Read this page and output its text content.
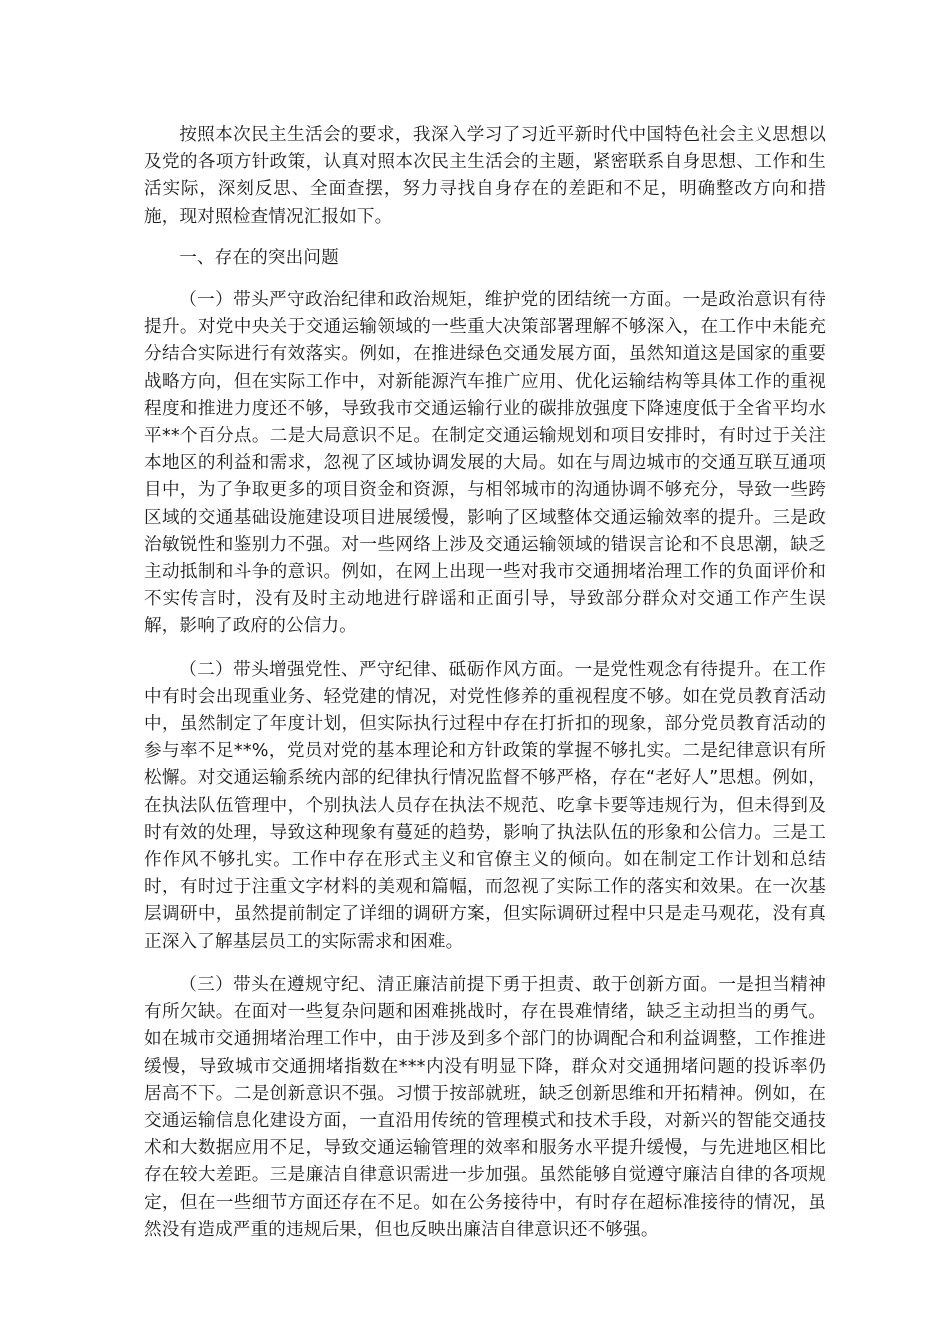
按照本次民主生活会的要求，我深入学习了习近平新时代中国特色社会主义思想以及党的各项方针政策，认真对照本次民主生活会的主题，紧密联系自身思想、工作和生活实际，深刻反思、全面查摆，努力寻找自身存在的差距和不足，明确整改方向和措施，现对照检查情况汇报如下。

一、存在的突出问题

（一）带头严守政治纪律和政治规矩，维护党的团结统一方面。一是政治意识有待提升。对党中央关于交通运输领域的一些重大决策部署理解不够深入，在工作中未能充分结合实际进行有效落实。例如，在推进绿色交通发展方面，虽然知道这是国家的重要战略方向，但在实际工作中，对新能源汽车推广应用、优化运输结构等具体工作的重视程度和推进力度还不够，导致我市交通运输行业的碳排放强度下降速度低于全省平均水平**个百分点。二是大局意识不足。在制定交通运输规划和项目安排时，有时过于关注本地区的利益和需求，忽视了区域协调发展的大局。如在与周边城市的交通互联互通项目中，为了争取更多的项目资金和资源，与相邻城市的沟通协调不够充分，导致一些跨区域的交通基础设施建设项目进展缓慢，影响了区域整体交通运输效率的提升。三是政治敏锐性和鉴别力不强。对一些网络上涉及交通运输领域的错误言论和不良思潮，缺乏主动抵制和斗争的意识。例如，在网上出现一些对我市交通拥堵治理工作的负面评价和不实传言时，没有及时主动地进行辟谣和正面引导，导致部分群众对交通工作产生误解，影响了政府的公信力。

（二）带头增强党性、严守纪律、砥砺作风方面。一是党性观念有待提升。在工作中有时会出现重业务、轻党建的情况，对党性修养的重视程度不够。如在党员教育活动中，虽然制定了年度计划，但实际执行过程中存在打折扣的现象，部分党员教育活动的参与率不足**%，党员对党的基本理论和方针政策的掌握不够扎实。二是纪律意识有所松懈。对交通运输系统内部的纪律执行情况监督不够严格，存在“老好人”思想。例如，在执法队伍管理中，个别执法人员存在执法不规范、吃拿卡要等违规行为，但未得到及时有效的处理，导致这种现象有蔓延的趋势，影响了执法队伍的形象和公信力。三是工作作风不够扎实。工作中存在形式主义和官僚主义的倾向。如在制定工作计划和总结时，有时过于注重文字材料的美观和篇幅，而忽视了实际工作的落实和效果。在一次基层调研中，虽然提前制定了详细的调研方案，但实际调研过程中只是走马观花，没有真正深入了解基层员工的实际需求和困难。

（三）带头在遵规守纪、清正廉洁前提下勇于担责、敢于创新方面。一是担当精神有所欠缺。在面对一些复杂问题和困难挑战时，存在畏难情绪，缺乏主动担当的勇气。如在城市交通拥堵治理工作中，由于涉及到多个部门的协调配合和利益调整，工作推进缓慢，导致城市交通拥堵指数在***内没有明显下降，群众对交通拥堵问题的投诉率仍居高不下。二是创新意识不强。习惯于按部就班，缺乏创新思维和开拓精神。例如，在交通运输信息化建设方面，一直沿用传统的管理模式和技术手段，对新兴的智能交通技术和大数据应用不足，导致交通运输管理的效率和服务水平提升缓慢，与先进地区相比存在较大差距。三是廉洁自律意识需进一步加强。虽然能够自觉遵守廉洁自律的各项规定，但在一些细节方面还存在不足。如在公务接待中，有时存在超标准接待的情况，虽然没有造成严重的违规后果，但也反映出廉洁自律意识还不够强。
